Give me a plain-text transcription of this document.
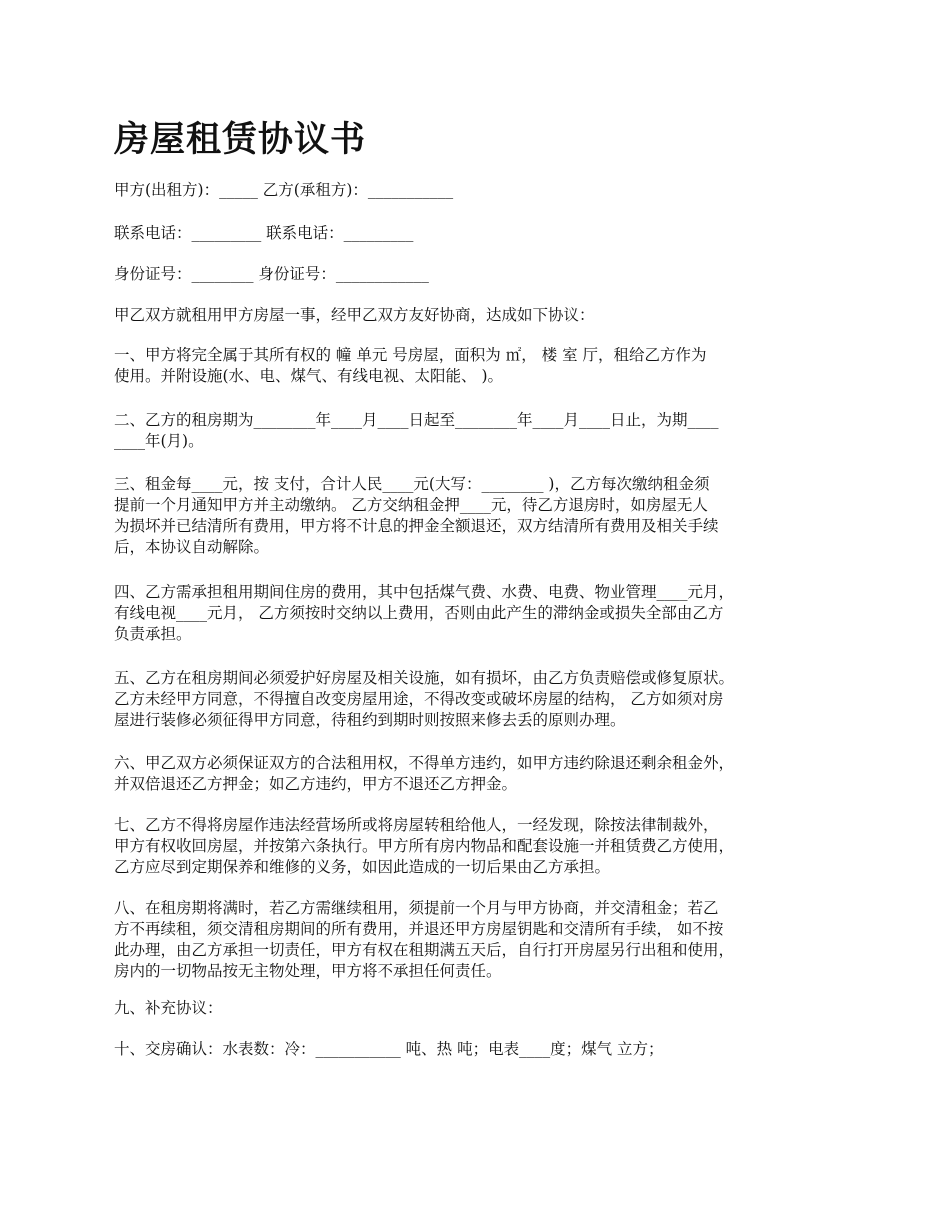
房屋租赁协议书

甲方(出租方)：_____ 乙方(承租方)：___________

联系电话：_________ 联系电话：_________

身份证号：________ 身份证号：____________

甲乙双方就租用甲方房屋一事，经甲乙双方友好协商，达成如下协议：

一、甲方将完全属于其所有权的 幢 单元 号房屋，面积为 ㎡， 楼 室 厅，租给乙方作为
使用。并附设施(水、电、煤气、有线电视、太阳能、 )。

二、乙方的租房期为________年____月____日起至________年____月____日止，为期____
____年(月)。

三、租金每____元，按 支付，合计人民____元(大写：________ )，乙方每次缴纳租金须
提前一个月通知甲方并主动缴纳。 乙方交纳租金押____元，待乙方退房时，如房屋无人
为损坏并已结清所有费用，甲方将不计息的押金全额退还，双方结清所有费用及相关手续
后，本协议自动解除。

四、乙方需承担租用期间住房的费用，其中包括煤气费、水费、电费、物业管理____元月，
有线电视____元月， 乙方须按时交纳以上费用，否则由此产生的滞纳金或损失全部由乙方
负责承担。

五、乙方在租房期间必须爱护好房屋及相关设施，如有损坏，由乙方负责赔偿或修复原状。
乙方未经甲方同意，不得擅自改变房屋用途，不得改变或破坏房屋的结构， 乙方如须对房
屋进行装修必须征得甲方同意，待租约到期时则按照来修去丢的原则办理。

六、甲乙双方必须保证双方的合法租用权，不得单方违约，如甲方违约除退还剩余租金外，
并双倍退还乙方押金；如乙方违约，甲方不退还乙方押金。

七、乙方不得将房屋作违法经营场所或将房屋转租给他人，一经发现，除按法律制裁外，
甲方有权收回房屋，并按第六条执行。甲方所有房内物品和配套设施一并租赁费乙方使用，
乙方应尽到定期保养和维修的义务，如因此造成的一切后果由乙方承担。

八、在租房期将满时，若乙方需继续租用，须提前一个月与甲方协商，并交清租金；若乙
方不再续租，须交清租房期间的所有费用，并退还甲方房屋钥匙和交清所有手续， 如不按
此办理，由乙方承担一切责任，甲方有权在租期满五天后，自行打开房屋另行出租和使用，
房内的一切物品按无主物处理，甲方将不承担任何责任。

九、补充协议：

十、交房确认：水表数：冷：___________ 吨、热 吨；电表____度；煤气 立方；
